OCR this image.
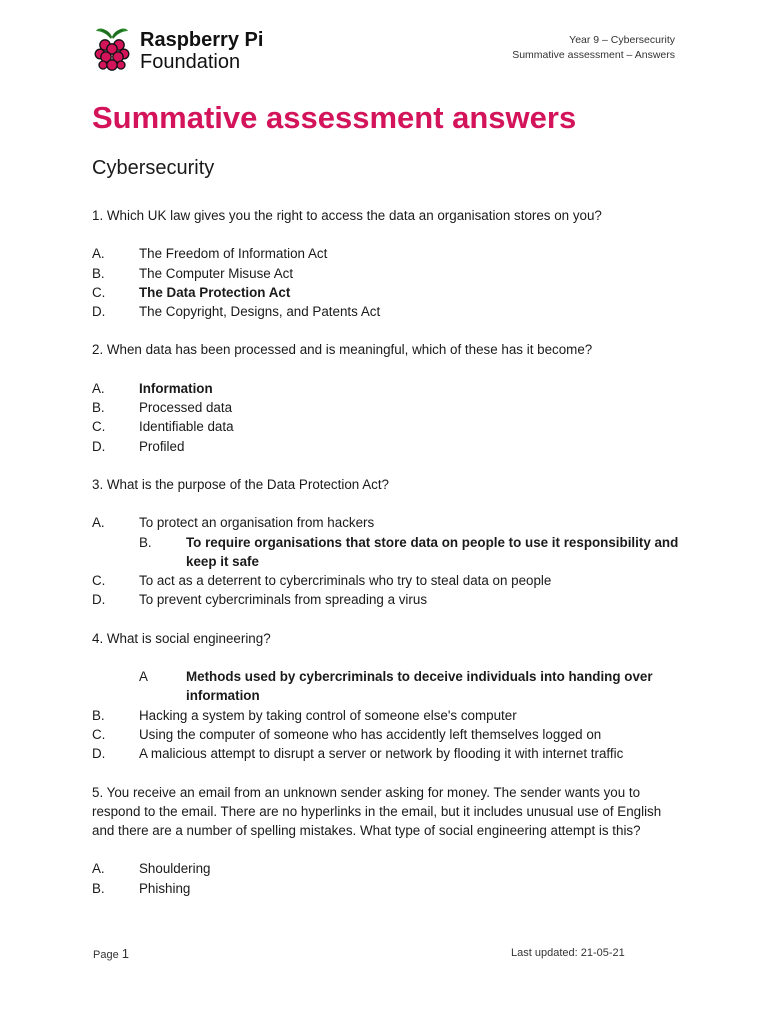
Raspberry Pi
Foundation
Year 9 – Cybersecurity
Summative assessment – Answers
Summative assessment answers
Cybersecurity

1. Which UK law gives you the right to access the data an organisation stores on you?

A.	The Freedom of Information Act
B.	The Computer Misuse Act
C.	The Data Protection Act
D.	The Copyright, Designs, and Patents Act

2. When data has been processed and is meaningful, which of these has it become?

A.	Information
B.	Processed data
C.	Identifiable data
D.	Profiled

3. What is the purpose of the Data Protection Act?

A.	To protect an organisation from hackers
B.	To require organisations that store data on people to use it responsibility and keep it safe
C.	To act as a deterrent to cybercriminals who try to steal data on people
D.	To prevent cybercriminals from spreading a virus

4. What is social engineering?

A	Methods used by cybercriminals to deceive individuals into handing over information
B.	Hacking a system by taking control of someone else's computer
C.	Using the computer of someone who has accidently left themselves logged on
D.	A malicious attempt to disrupt a server or network by flooding it with internet traffic

5. You receive an email from an unknown sender asking for money. The sender wants you to respond to the email. There are no hyperlinks in the email, but it includes unusual use of English and there are a number of spelling mistakes. What type of social engineering attempt is this?

A.	Shouldering
B.	Phishing
Page 1	Last updated: 21-05-21
